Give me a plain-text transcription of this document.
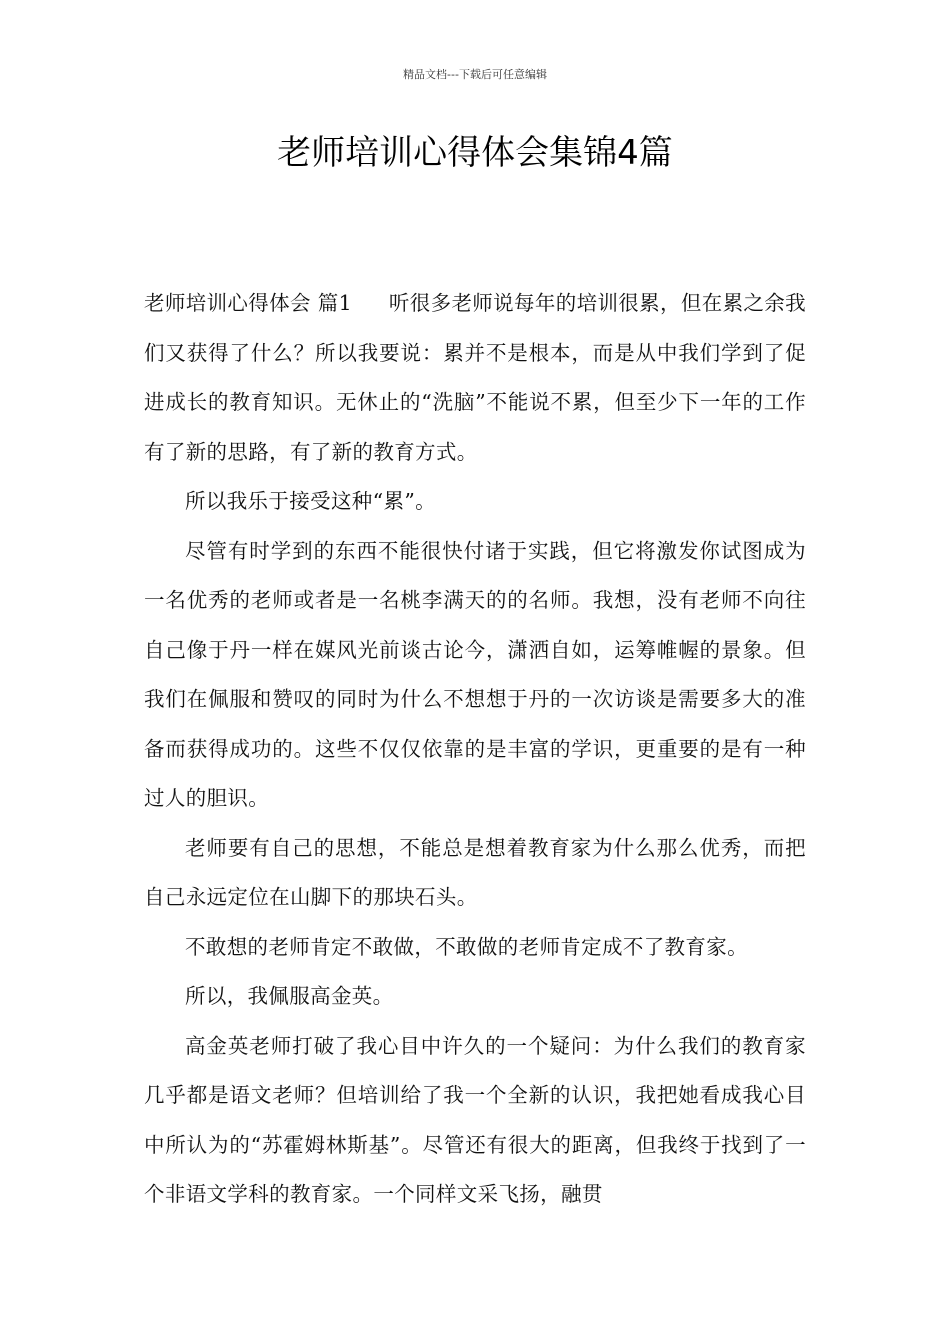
精品文档---下载后可任意编辑
老师培训心得体会集锦4篇

老师培训心得体会 篇1 听很多老师说每年的培训很累，但在累之余我们又获得了什么？所以我要说：累并不是根本，而是从中我们学到了促进成长的教育知识。无休止的“洗脑”不能说不累，但至少下一年的工作有了新的思路，有了新的教育方式。

所以我乐于接受这种“累”。

尽管有时学到的东西不能很快付诸于实践，但它将激发你试图成为一名优秀的老师或者是一名桃李满天的的名师。我想，没有老师不向往自己像于丹一样在媒风光前谈古论今，潇洒自如，运筹帷幄的景象。但我们在佩服和赞叹的同时为什么不想想于丹的一次访谈是需要多大的准备而获得成功的。这些不仅仅依靠的是丰富的学识，更重要的是有一种过人的胆识。

老师要有自己的思想，不能总是想着教育家为什么那么优秀，而把自己永远定位在山脚下的那块石头。

不敢想的老师肯定不敢做，不敢做的老师肯定成不了教育家。

所以，我佩服高金英。

高金英老师打破了我心目中许久的一个疑问：为什么我们的教育家几乎都是语文老师？但培训给了我一个全新的认识，我把她看成我心目中所认为的“苏霍姆林斯基”。尽管还有很大的距离，但我终于找到了一个非语文学科的教育家。一个同样文采飞扬，融贯
